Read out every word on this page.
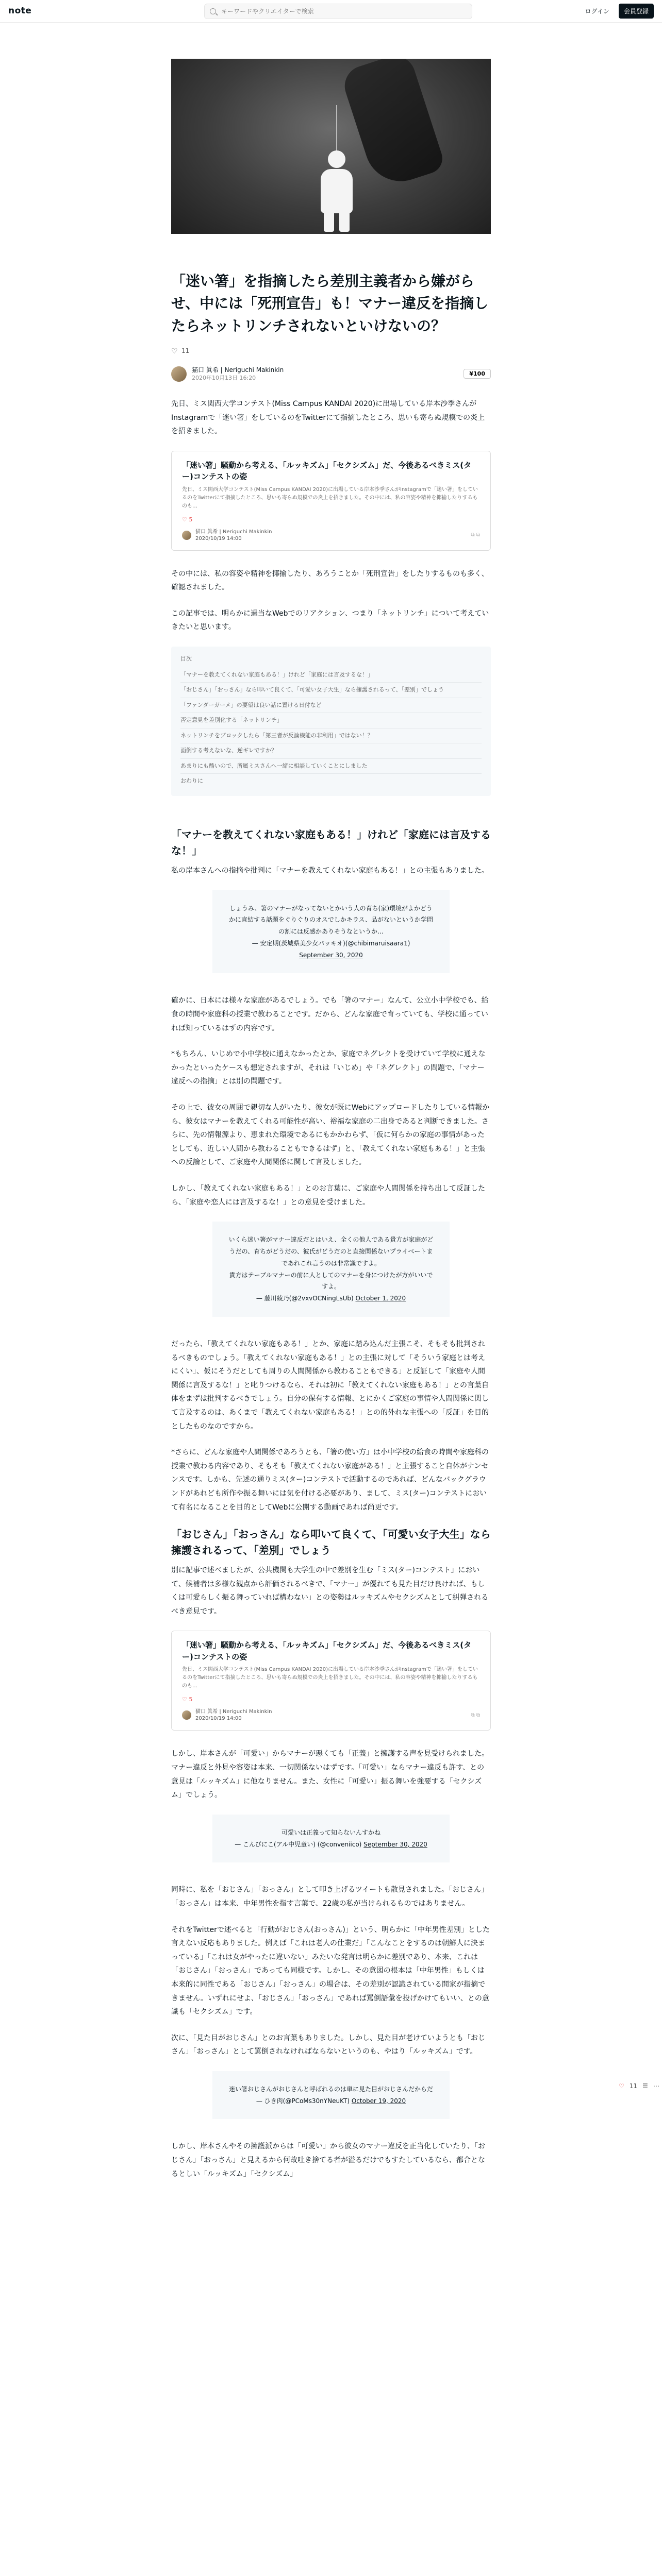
note
キーワードやクリエイターで検索	ログイン	会員登録
「迷い箸」を指摘したら差別主義者から嫌がらせ、中には「死刑宣告」も！マナー違反を指摘したらネットリンチされないといけないの？
♡ 11
猫口 眞希 | Neriguchi Makinkin
2020年10月13日 16:20
¥100

先日、ミス関西大学コンテスト(Miss Campus KANDAI 2020)に出場している岸本沙季さんがInstagramで「迷い箸」をしているのをTwitterにて指摘したところ、思いも寄らぬ規模での炎上を招きました。

「迷い箸」騒動から考える、「ルッキズム」「セクシズム」だ、今後あるべきミス(ター)コンテストの姿
先日、ミス関西大学コンテスト(Miss Campus KANDAI 2020)に出場している岸本沙季さんがInstagramで「迷い箸」をしているのをTwitterにて指摘したところ、思いも寄らぬ規模での炎上を招きました。その中には、私の容姿や精神を揶揄したりするものも…
♡ 5
猫口 眞希 | Neriguchi Makinkin
2020/10/19 14:00
⧉ ⧉

その中には、私の容姿や精神を揶揄したり、あろうことか「死刑宣告」をしたりするものも多く、確認されました。

この記事では、明らかに過当なWebでのリアクション、つまり「ネットリンチ」について考えていきたいと思います。

目次
「マナーを教えてくれない家庭もある！」けれど「家庭には言及するな！」
「おじさん」「おっさん」なら叩いて良くて、「可愛い女子大生」なら擁護されるって、「差別」でしょう
「ファンダーガーメ」の要望は良い話に置ける日付など
否定意見を差別化する「ネットリンチ」
ネットリンチをブロックしたら「第三者が反論機能の非利用」ではない！？
面倒する考えないな、逆ギレですか？
あまりにも酷いので、所属ミスさんへ一緒に相談していくことにしました
おわりに
「マナーを教えてくれない家庭もある！」けれど「家庭には言及するな！」

私の岸本さんへの指摘や批判に「マナーを教えてくれない家庭もある！」との主張もありました。

しょうみ、箸のマナーがなってないとかいう人の育ち(家)環境がよかどうかに直結する話題をぐりぐりのオスでしかキラス、品がないというか学問の割には反感かありそうなというか…
— 安定期(茨城県美少女パッキオ)(@chibimaruisaara1)
September 30, 2020

確かに、日本には様々な家庭があるでしょう。でも「箸のマナー」なんて、公立小中学校でも、給食の時間や家庭科の授業で教わることです。だから、どんな家庭で育っていても、学校に通っていれば知っているはずの内容です。

*もちろん、いじめで小中学校に通えなかったとか、家庭でネグレクトを受けていて学校に通えなかったといったケースも想定されますが、それは「いじめ」や「ネグレクト」の問題で、「マナー違反への指摘」とは別の問題です。

その上で、彼女の周囲で親切な人がいたり、彼女が既にWebにアップロードしたりしている情報から、彼女はマナーを教えてくれる可能性が高い、裕福な家庭の二出身であると判断できました。さらに、先の情報源より、恵まれた環境であるにもかかわらず、「仮に何らかの家庭の事情があったとしても、近しい人間から教わることもできるはず」と、「教えてくれない家庭もある！」と主張への反論として、ご家庭や人間関係に関して言及しました。

しかし、「教えてくれない家庭もある！」とのお言葉に、ご家庭や人間関係を持ち出して反証したら、「家庭や恋人には言及するな！」との意見を受けました。

いくら迷い箸がマナー違反だとはいえ、全くの他人である貴方が家庭がどうだの、育ちがどうだの、彼氏がどうだのと直接関係ないプライベートまであれこれ言うのは非常識ですよ。
貴方はテーブルマナーの前に人としてのマナーを身につけたが方がいいですよ。
— 藤川綾乃(@2vxvOCNingLsUb) October 1, 2020

だったら、「教えてくれない家庭もある！」とか、家庭に踏み込んだ主張こそ、そもそも批判されるべきものでしょう。「教えてくれない家庭もある！」との主張に対して「そういう家庭とは考えにくい」、仮にそうだとしても周りの人間関係から教わることもできる」と反証して「家庭や人間関係に言及するな！」と叱りつけるなら、それは初に「教えてくれない家庭もある！」との言葉自体をまずは批判するべきでしょう。自分の保有する情報、とにかくご家庭の事情や人間関係に関して言及するのは、あくまで「教えてくれない家庭もある！」との的外れな主張への「反証」を目的としたものなのですから。

*さらに、どんな家庭や人間関係であろうとも、「箸の使い方」は小中学校の給食の時間や家庭科の授業で教わる内容であり、そもそも「教えてくれない家庭がある！」と主張すること自体がナンセンスです。しかも、先述の通りミス(ター)コンテストで活動するのであれば、どんなバックグラウンドがあれども所作や振る舞いには気を付ける必要があり、まして、ミス(ター)コンテストにおいて有名になることを目的としてWebに公開する動画であれば尚更です。

「おじさん」「おっさん」なら叩いて良くて、「可愛い女子大生」なら擁護されるって、「差別」でしょう

別に記事で述べましたが、公共機関も大学生の中で差別を生む「ミス(ター)コンテスト」において、候補者は多様な観点から評価されるべきで、「マナー」が優れても見た目だけ良ければ、もしくは可愛らしく振る舞っていれば構わない」との姿勢はルッキズムやセクシズムとして糾弾されるべき意見です。

「迷い箸」騒動から考える、「ルッキズム」「セクシズム」だ、今後あるべきミス(ター)コンテストの姿
先日、ミス関西大学コンテスト(Miss Campus KANDAI 2020)に出場している岸本沙季さんがInstagramで「迷い箸」をしているのをTwitterにて指摘したところ、思いも寄らぬ規模での炎上を招きました。その中には、私の容姿や精神を揶揄したりするものも…
♡ 5
猫口 眞希 | Neriguchi Makinkin
2020/10/19 14:00
⧉ ⧉

しかし、岸本さんが「可愛い」からマナーが悪くても「正義」と擁護する声を見受けられました。マナー違反と外見や容姿は本来、一切関係ないはずです。「可愛い」ならマナー違反も許す、との意見は「ルッキズム」に他なりません。また、女性に「可愛い」振る舞いを強要する「セクシズム」でしょう。

可愛いは正義って知らないんすかね
— こんびにこ(アル中児童い) (@conveniico) September 30, 2020

同時に、私を「おじさん」「おっさん」として叩き上げるツイートも散見されました。「おじさん」「おっさん」は本来、中年男性を指す言葉で、22歳の私が当けられるものではありません。

それをTwitterで述べると「行動がおじさん(おっさん)」という、明らかに「中年男性差別」とした言えない反応もありました。例えば「これは老人の仕業だ」「こんなことをするのは朝鮮人に決まっている」「これは女がやったに違いない」みたいな発言は明らかに差別であり、本来、これは「おじさん」「おっさん」であっても同様です。しかし、その意図の根本は「中年男性」もしくは本来的に同性である「おじさん」「おっさん」の場合は、その差別が認識されている間家が指摘できません。いずれにせよ、「おじさん」「おっさん」であれば罵倒語彙を投げかけてもいい、との意識も「セクシズム」です。

次に、「見た目がおじさん」とのお言葉もありました。しかし、見た目が老けていようとも「おじさん」「おっさん」として罵倒されなければならないというのも、やはり「ルッキズム」です。

迷い箸おじさんがおじさんと呼ばれるのは単に見た目がおじさんだからだ
— ひき肉(@PCoMs30nYNeuKT) October 19, 2020

しかし、岸本さんやその擁護派からは「可愛い」から彼女のマナー違反を正当化していたり、「おじさん」「おっさん」と見えるから何故吐き捨てる者が溢るだけでもすたしているなら、都合となるとしい「ルッキズム」「セクシズム」

♡ 11 ☰ ⋯
